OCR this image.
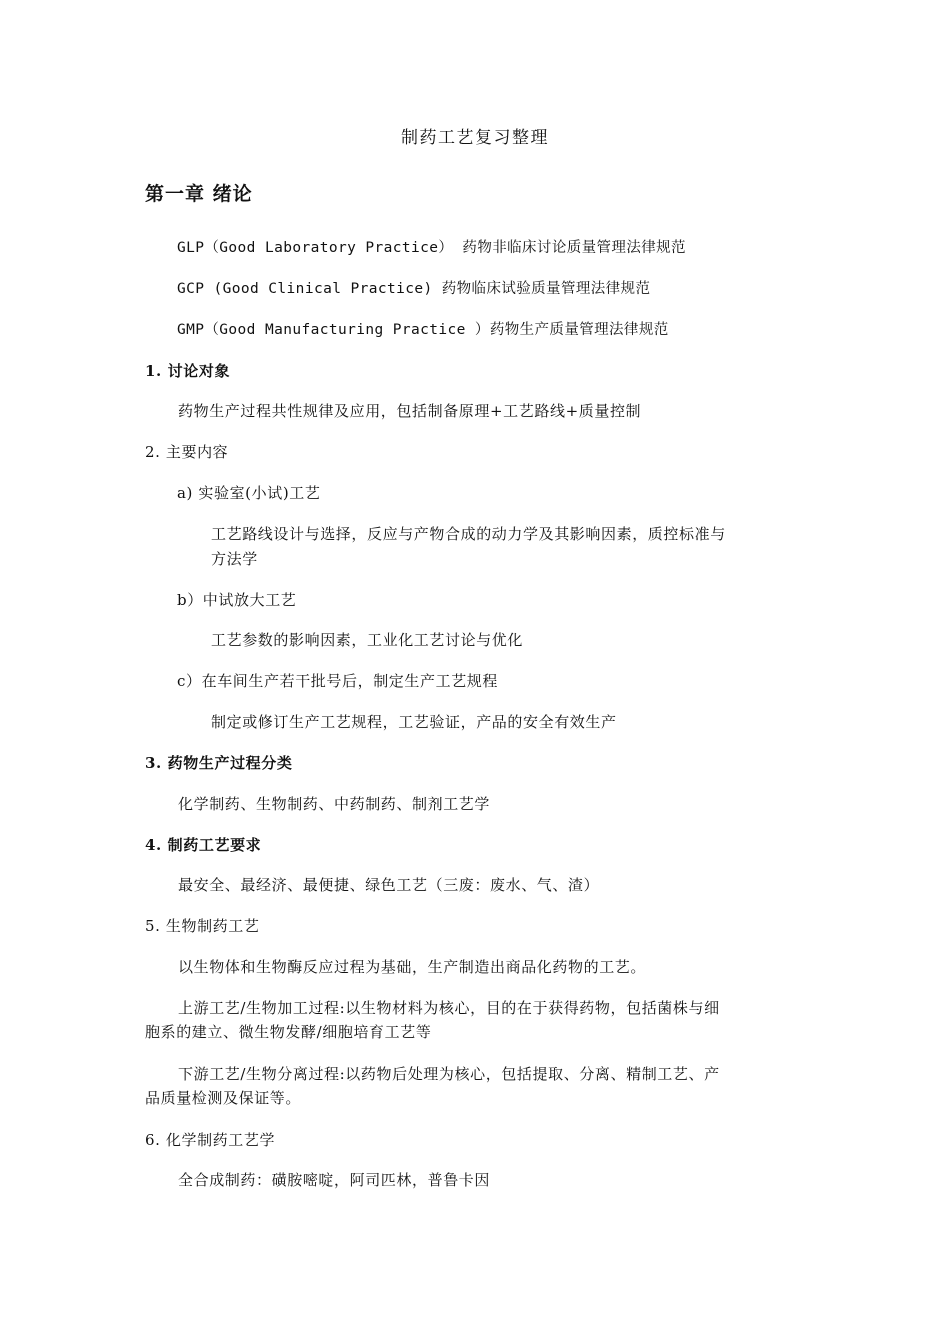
制药工艺复习整理
第一章 绪论
GLP（Good Laboratory Practice） 药物非临床讨论质量管理法律规范
GCP (Good Clinical Practice) 药物临床试验质量管理法律规范
GMP（Good Manufacturing Practice ）药物生产质量管理法律规范
1. 讨论对象
药物生产过程共性规律及应用，包括制备原理+工艺路线+质量控制
2. 主要内容
a) 实验室(小试)工艺
工艺路线设计与选择，反应与产物合成的动力学及其影响因素，质控标准与
方法学
b）中试放大工艺
工艺参数的影响因素，工业化工艺讨论与优化
c）在车间生产若干批号后，制定生产工艺规程
制定或修订生产工艺规程，工艺验证，产品的安全有效生产
3. 药物生产过程分类
化学制药、生物制药、中药制药、制剂工艺学
4. 制药工艺要求
最安全、最经济、最便捷、绿色工艺（三废：废水、气、渣）
5. 生物制药工艺
以生物体和生物酶反应过程为基础，生产制造出商品化药物的工艺。
上游工艺/生物加工过程:以生物材料为核心，目的在于获得药物，包括菌株与细
胞系的建立、微生物发酵/细胞培育工艺等
下游工艺/生物分离过程:以药物后处理为核心，包括提取、分离、精制工艺、产
品质量检测及保证等。
6. 化学制药工艺学
全合成制药：磺胺嘧啶，阿司匹林，普鲁卡因
